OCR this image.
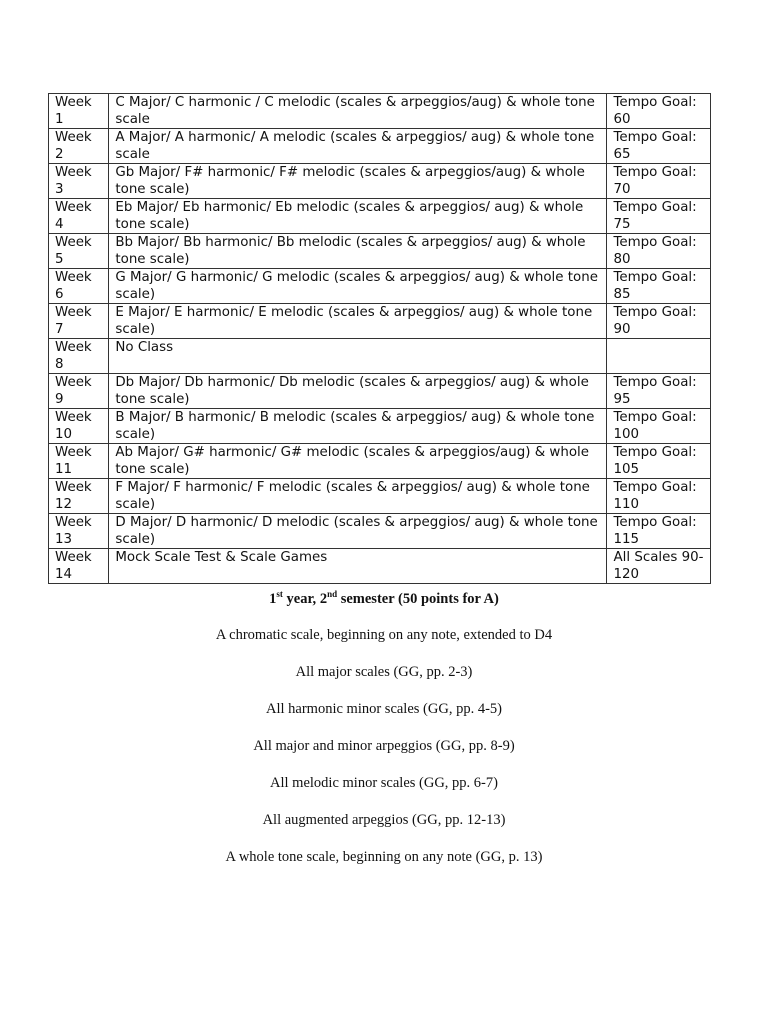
Week 1	C Major/ C harmonic / C melodic (scales & arpeggios/aug) & whole tone scale	Tempo Goal: 60
Week 2	A Major/ A harmonic/ A melodic (scales & arpeggios/ aug) & whole tone scale	Tempo Goal: 65
Week 3	Gb Major/ F# harmonic/ F# melodic (scales & arpeggios/aug) & whole tone scale)	Tempo Goal: 70
Week 4	Eb Major/ Eb harmonic/ Eb melodic (scales & arpeggios/ aug) & whole tone scale)	Tempo Goal: 75
Week 5	Bb Major/ Bb harmonic/ Bb melodic (scales & arpeggios/ aug) & whole tone scale)	Tempo Goal: 80
Week 6	G Major/ G harmonic/ G melodic (scales & arpeggios/ aug) & whole tone scale)	Tempo Goal: 85
Week 7	E Major/ E harmonic/ E melodic (scales & arpeggios/ aug) & whole tone scale)	Tempo Goal: 90
Week 8	No Class	
Week 9	Db Major/ Db harmonic/ Db melodic (scales & arpeggios/ aug) & whole tone scale)	Tempo Goal: 95
Week 10	B Major/ B harmonic/ B melodic (scales & arpeggios/ aug) & whole tone scale)	Tempo Goal: 100
Week 11	Ab Major/ G# harmonic/ G# melodic (scales & arpeggios/aug) & whole tone scale)	Tempo Goal: 105
Week 12	F Major/ F harmonic/ F melodic (scales & arpeggios/ aug) & whole tone scale)	Tempo Goal: 110
Week 13	D Major/ D harmonic/ D melodic (scales & arpeggios/ aug) & whole tone scale)	Tempo Goal: 115
Week 14	Mock Scale Test & Scale Games	All Scales 90-120

1st year, 2nd semester (50 points for A)

A chromatic scale, beginning on any note, extended to D4

All major scales (GG, pp. 2-3)

All harmonic minor scales (GG, pp. 4-5)

All major and minor arpeggios (GG, pp. 8-9)

All melodic minor scales (GG, pp. 6-7)

All augmented arpeggios (GG, pp. 12-13)

A whole tone scale, beginning on any note (GG, p. 13)
